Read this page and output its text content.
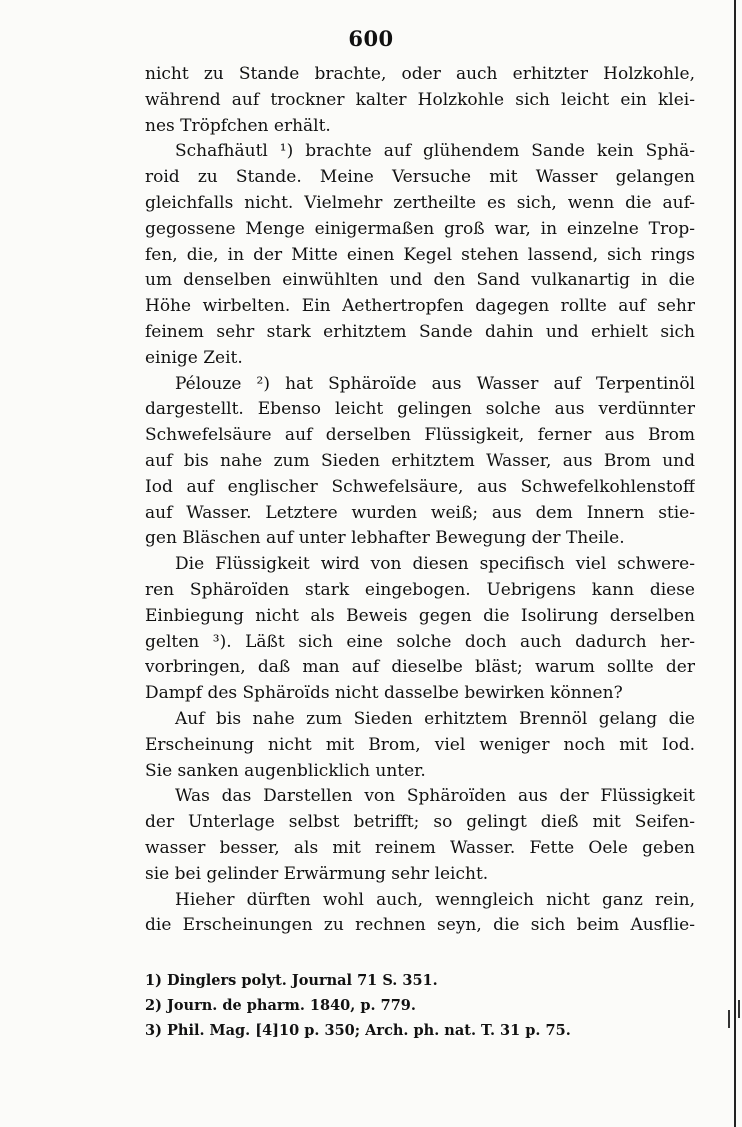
600
nicht zu Stande brachte, oder auch erhitzter Holzkohle,
während auf trockner kalter Holzkohle sich leicht ein klei-
nes Tröpfchen erhält.
Schafhäutl ¹) brachte auf glühendem Sande kein Sphä-
roid zu Stande. Meine Versuche mit Wasser gelangen
gleichfalls nicht. Vielmehr zertheilte es sich, wenn die auf-
gegossene Menge einigermaßen groß war, in einzelne Trop-
fen, die, in der Mitte einen Kegel stehen lassend, sich rings
um denselben einwühlten und den Sand vulkanartig in die
Höhe wirbelten. Ein Aethertropfen dagegen rollte auf sehr
feinem sehr stark erhitztem Sande dahin und erhielt sich
einige Zeit.
Pélouze ²) hat Sphäroïde aus Wasser auf Terpentinöl
dargestellt. Ebenso leicht gelingen solche aus verdünnter
Schwefelsäure auf derselben Flüssigkeit, ferner aus Brom
auf bis nahe zum Sieden erhitztem Wasser, aus Brom und
Iod auf englischer Schwefelsäure, aus Schwefelkohlenstoff
auf Wasser. Letztere wurden weiß; aus dem Innern stie-
gen Bläschen auf unter lebhafter Bewegung der Theile.
Die Flüssigkeit wird von diesen specifisch viel schwere-
ren Sphäroïden stark eingebogen. Uebrigens kann diese
Einbiegung nicht als Beweis gegen die Isolirung derselben
gelten ³). Läßt sich eine solche doch auch dadurch her-
vorbringen, daß man auf dieselbe bläst; warum sollte der
Dampf des Sphäroïds nicht dasselbe bewirken können?
Auf bis nahe zum Sieden erhitztem Brennöl gelang die
Erscheinung nicht mit Brom, viel weniger noch mit Iod.
Sie sanken augenblicklich unter.
Was das Darstellen von Sphäroïden aus der Flüssigkeit
der Unterlage selbst betrifft; so gelingt dieß mit Seifen-
wasser besser, als mit reinem Wasser. Fette Oele geben
sie bei gelinder Erwärmung sehr leicht.
Hieher dürften wohl auch, wenngleich nicht ganz rein,
die Erscheinungen zu rechnen seyn, die sich beim Ausflie-
1) Dinglers polyt. Journal 71 S. 351.
2) Journ. de pharm. 1840, p. 779.
3) Phil. Mag. [4]10 p. 350; Arch. ph. nat. T. 31 p. 75.
